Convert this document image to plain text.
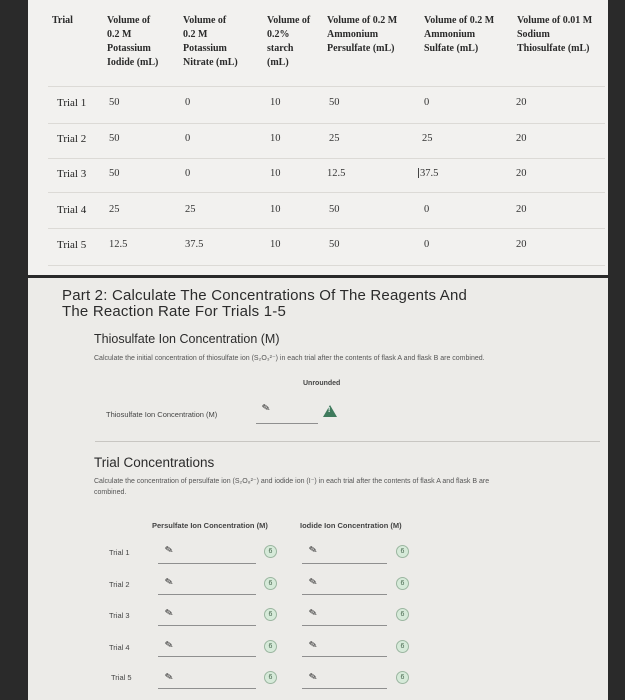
Trial	Volume of
0.2 M
Potassium
Iodide (mL)
Volume of
0.2 M
Potassium
Nitrate (mL)
Volume of
0.2%
starch
(mL)
Volume of 0.2 M
Ammonium
Persulfate (mL)
Volume of 0.2 M
Ammonium
Sulfate (mL)
Volume of 0.01 M
Sodium
Thiosulfate (mL)
Trial 1 50	0	10	50	0	20
Trial 2 50	0	10	25	25	20
Trial 3 50	0	10	12.5	37.5	20
Trial 4 25	25	10	50	0	20
Trial 5 12.5	37.5	10	50	0	20
Part 2: Calculate The Concentrations Of The Reagents And
The Reaction Rate For Trials 1-5
Thiosulfate Ion Concentration (M)
Calculate the initial concentration of thiosulfate ion (S₂O₃²⁻) in each trial after the contents of flask A and flask B are combined.
Unrounded
Thiosulfate Ion Concentration (M)	✎	!
Trial Concentrations
Calculate the concentration of persulfate ion (S₂O₈²⁻) and iodide ion (I⁻) in each trial after the contents of flask A and flask B are
combined.
Persulfate Ion Concentration (M)	Iodide Ion Concentration (M)
Trial 1	✎	6	✎	6
Trial 2	✎	6	✎	6
Trial 3	✎	6	✎	6
Trial 4	✎	6	✎	6
Trial 5	✎	6	✎	6
